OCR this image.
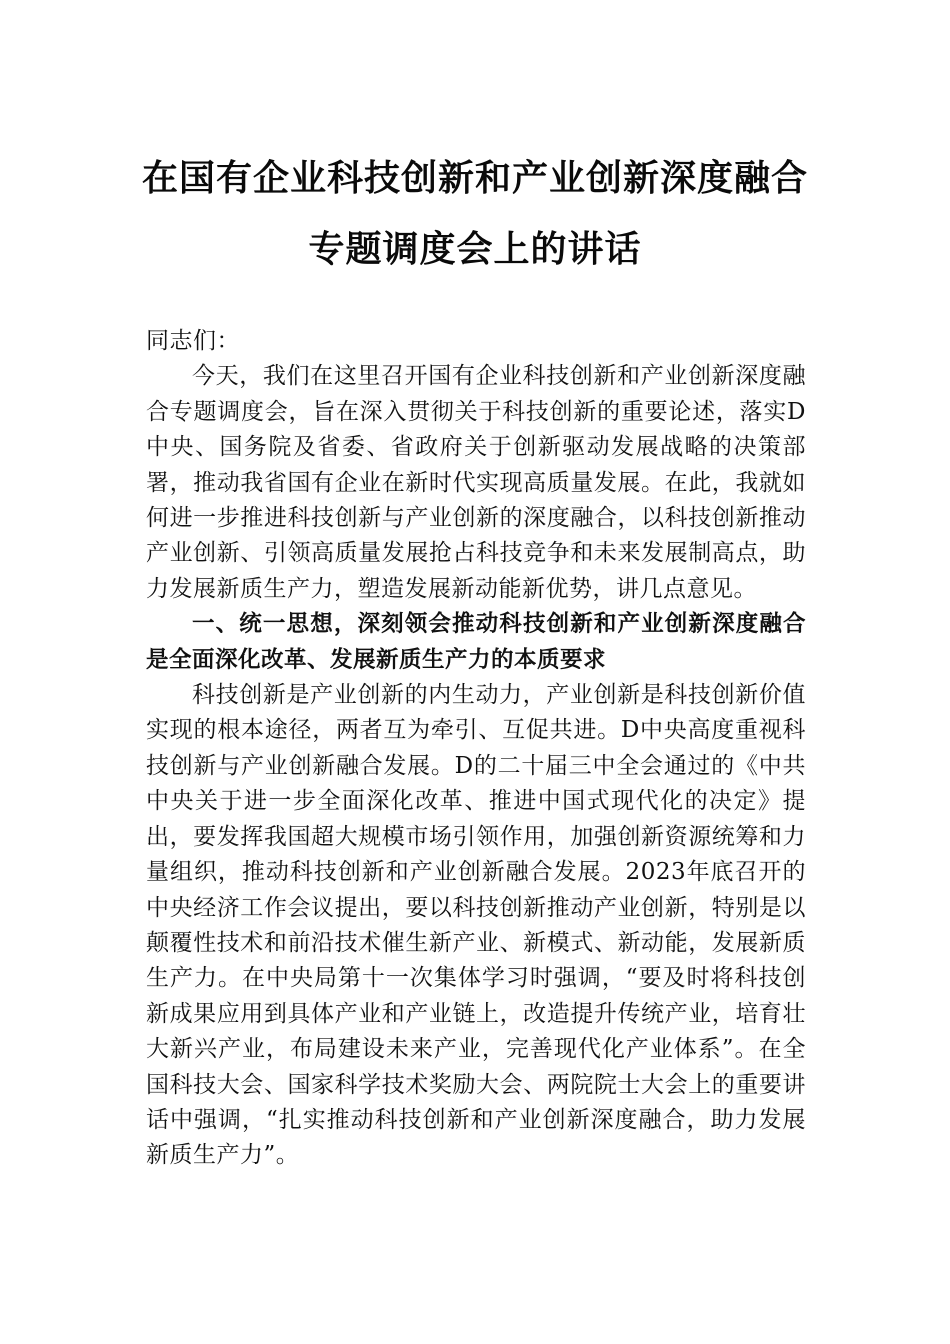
在国有企业科技创新和产业创新深度融合
专题调度会上的讲话

同志们：

今天，我们在这里召开国有企业科技创新和产业创新深度融合专题调度会，旨在深入贯彻关于科技创新的重要论述，落实D中央、国务院及省委、省政府关于创新驱动发展战略的决策部署，推动我省国有企业在新时代实现高质量发展。在此，我就如何进一步推进科技创新与产业创新的深度融合，以科技创新推动产业创新、引领高质量发展抢占科技竞争和未来发展制高点，助力发展新质生产力，塑造发展新动能新优势，讲几点意见。

一、统一思想，深刻领会推动科技创新和产业创新深度融合是全面深化改革、发展新质生产力的本质要求

科技创新是产业创新的内生动力，产业创新是科技创新价值实现的根本途径，两者互为牵引、互促共进。D中央高度重视科技创新与产业创新融合发展。D的二十届三中全会通过的《中共中央关于进一步全面深化改革、推进中国式现代化的决定》提出，要发挥我国超大规模市场引领作用，加强创新资源统筹和力量组织，推动科技创新和产业创新融合发展。2023年底召开的中央经济工作会议提出，要以科技创新推动产业创新，特别是以颠覆性技术和前沿技术催生新产业、新模式、新动能，发展新质生产力。在中央局第十一次集体学习时强调，“要及时将科技创新成果应用到具体产业和产业链上，改造提升传统产业，培育壮大新兴产业，布局建设未来产业，完善现代化产业体系”。在全国科技大会、国家科学技术奖励大会、两院院士大会上的重要讲话中强调，“扎实推动科技创新和产业创新深度融合，助力发展新质生产力”。
